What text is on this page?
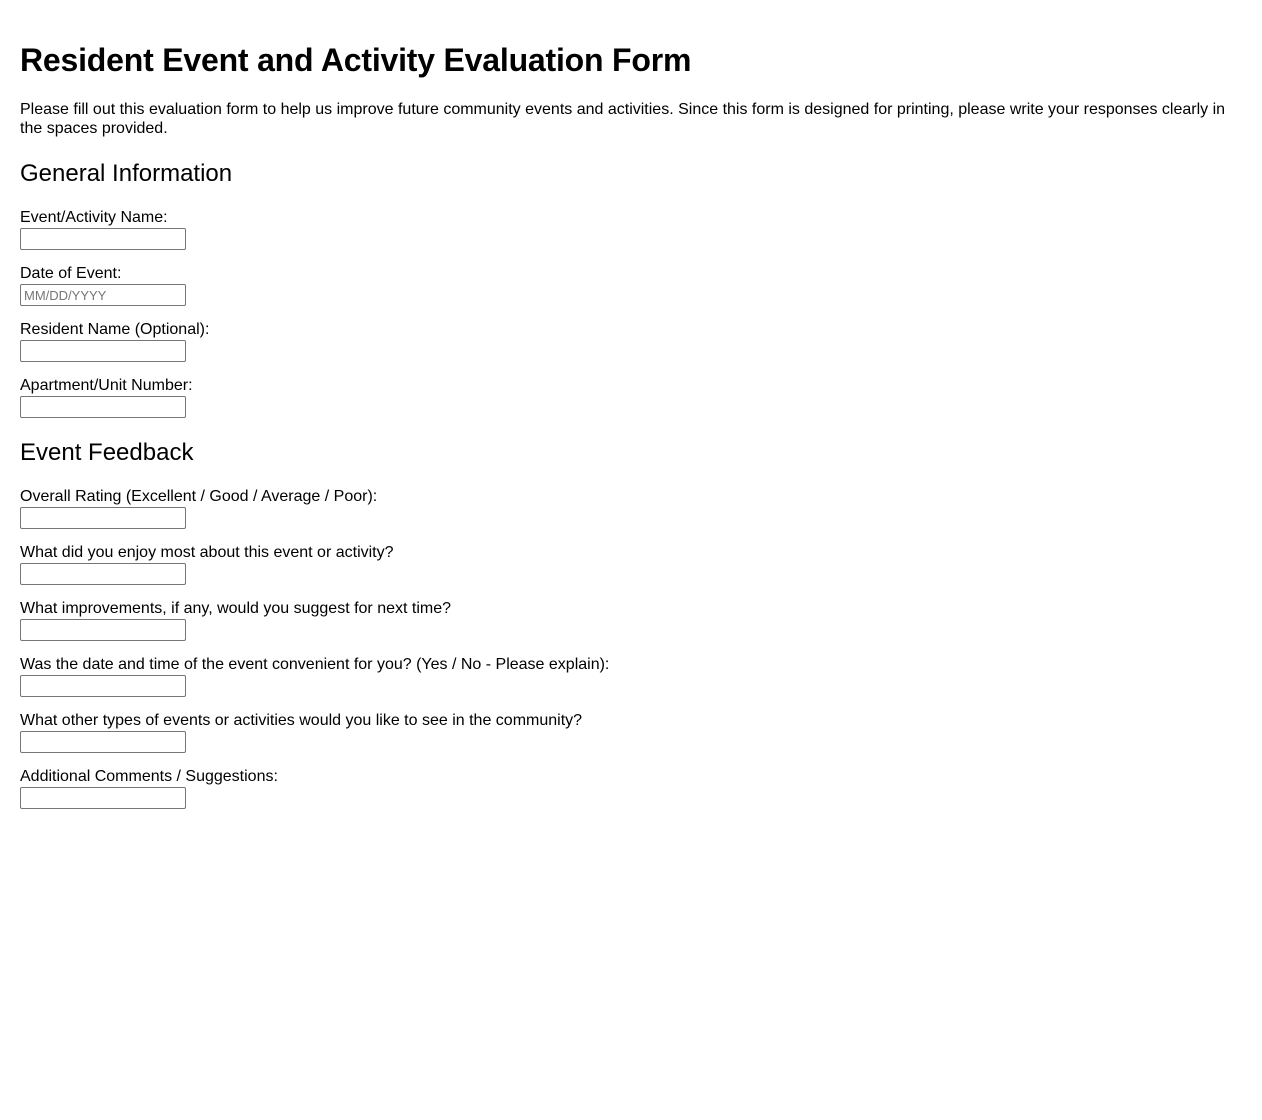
Resident Event and Activity Evaluation Form

Please fill out this evaluation form to help us improve future community events and activities. Since this form is designed for printing, please write your responses clearly in the spaces provided.

General Information
Event/Activity Name:
Date of Event:
MM/DD/YYYY
Resident Name (Optional):
Apartment/Unit Number:
Event Feedback
Overall Rating (Excellent / Good / Average / Poor):
What did you enjoy most about this event or activity?
What improvements, if any, would you suggest for next time?
Was the date and time of the event convenient for you? (Yes / No - Please explain):
What other types of events or activities would you like to see in the community?
Additional Comments / Suggestions:
